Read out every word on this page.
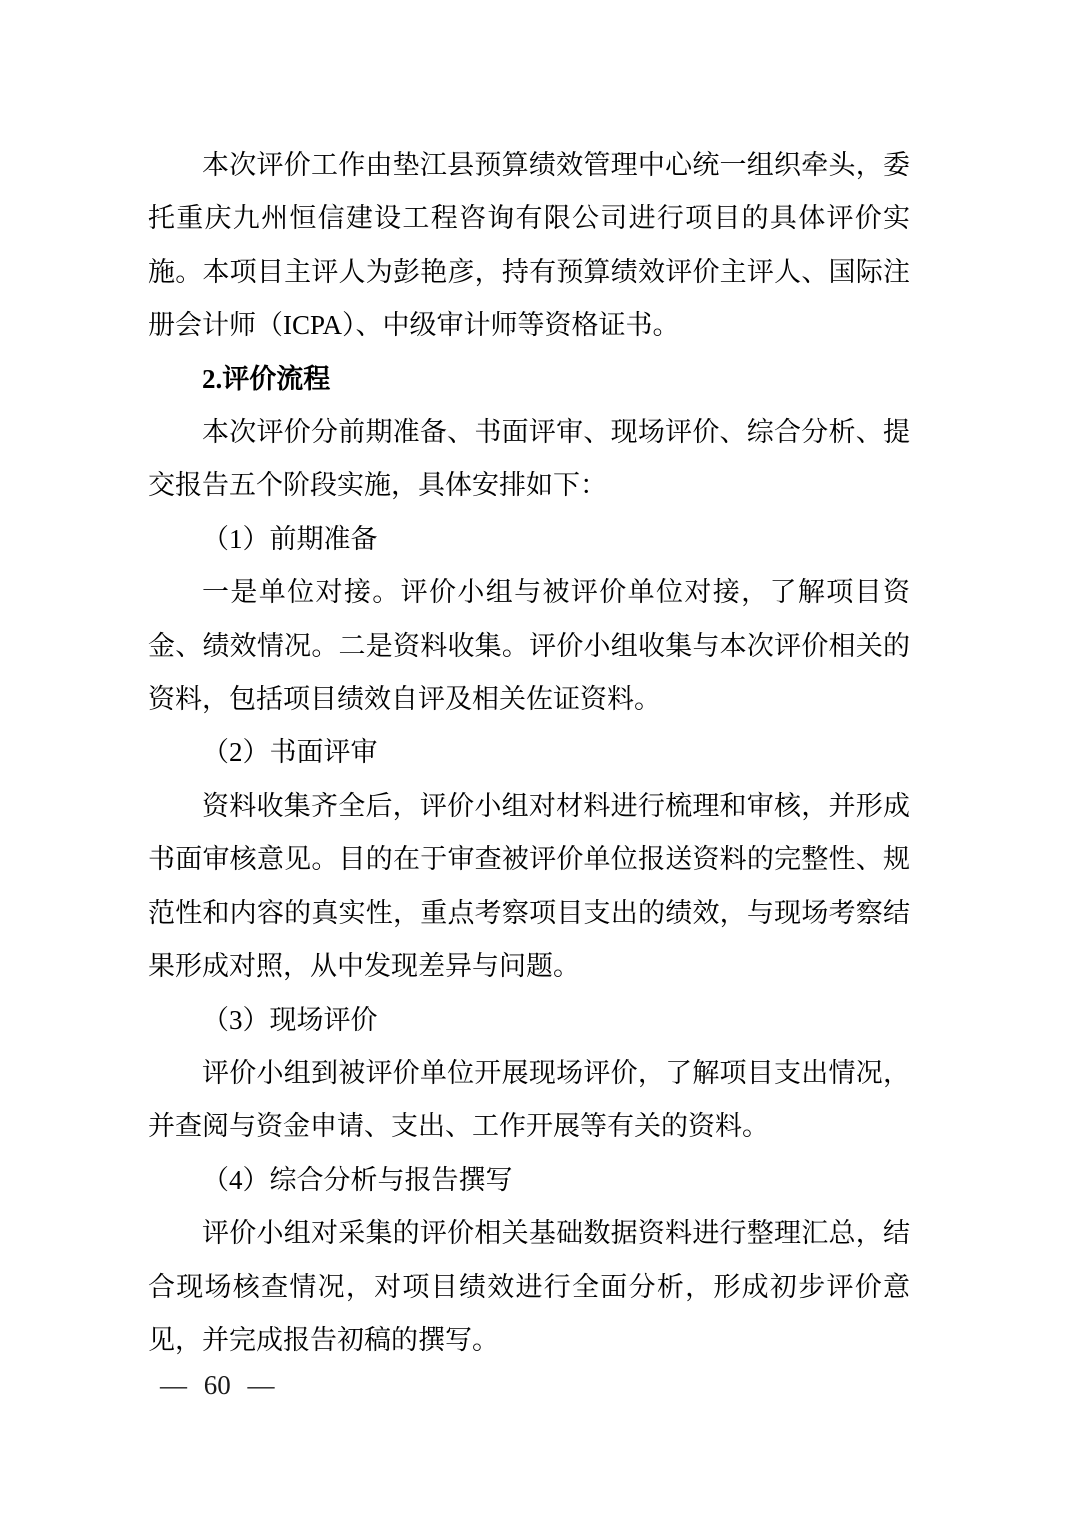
本次评价工作由垫江县预算绩效管理中心统一组织牵头，委托重庆九州恒信建设工程咨询有限公司进行项目的具体评价实施。本项目主评人为彭艳彦，持有预算绩效评价主评人、国际注册会计师（ICPA）、中级审计师等资格证书。

2.评价流程

本次评价分前期准备、书面评审、现场评价、综合分析、提交报告五个阶段实施，具体安排如下：

（1）前期准备

一是单位对接。评价小组与被评价单位对接，了解项目资金、绩效情况。二是资料收集。评价小组收集与本次评价相关的资料，包括项目绩效自评及相关佐证资料。

（2）书面评审

资料收集齐全后，评价小组对材料进行梳理和审核，并形成书面审核意见。目的在于审查被评价单位报送资料的完整性、规范性和内容的真实性，重点考察项目支出的绩效，与现场考察结果形成对照，从中发现差异与问题。

（3）现场评价

评价小组到被评价单位开展现场评价，了解项目支出情况，并查阅与资金申请、支出、工作开展等有关的资料。

（4）综合分析与报告撰写

评价小组对采集的评价相关基础数据资料进行整理汇总，结合现场核查情况，对项目绩效进行全面分析，形成初步评价意见，并完成报告初稿的撰写。

— 60 —
